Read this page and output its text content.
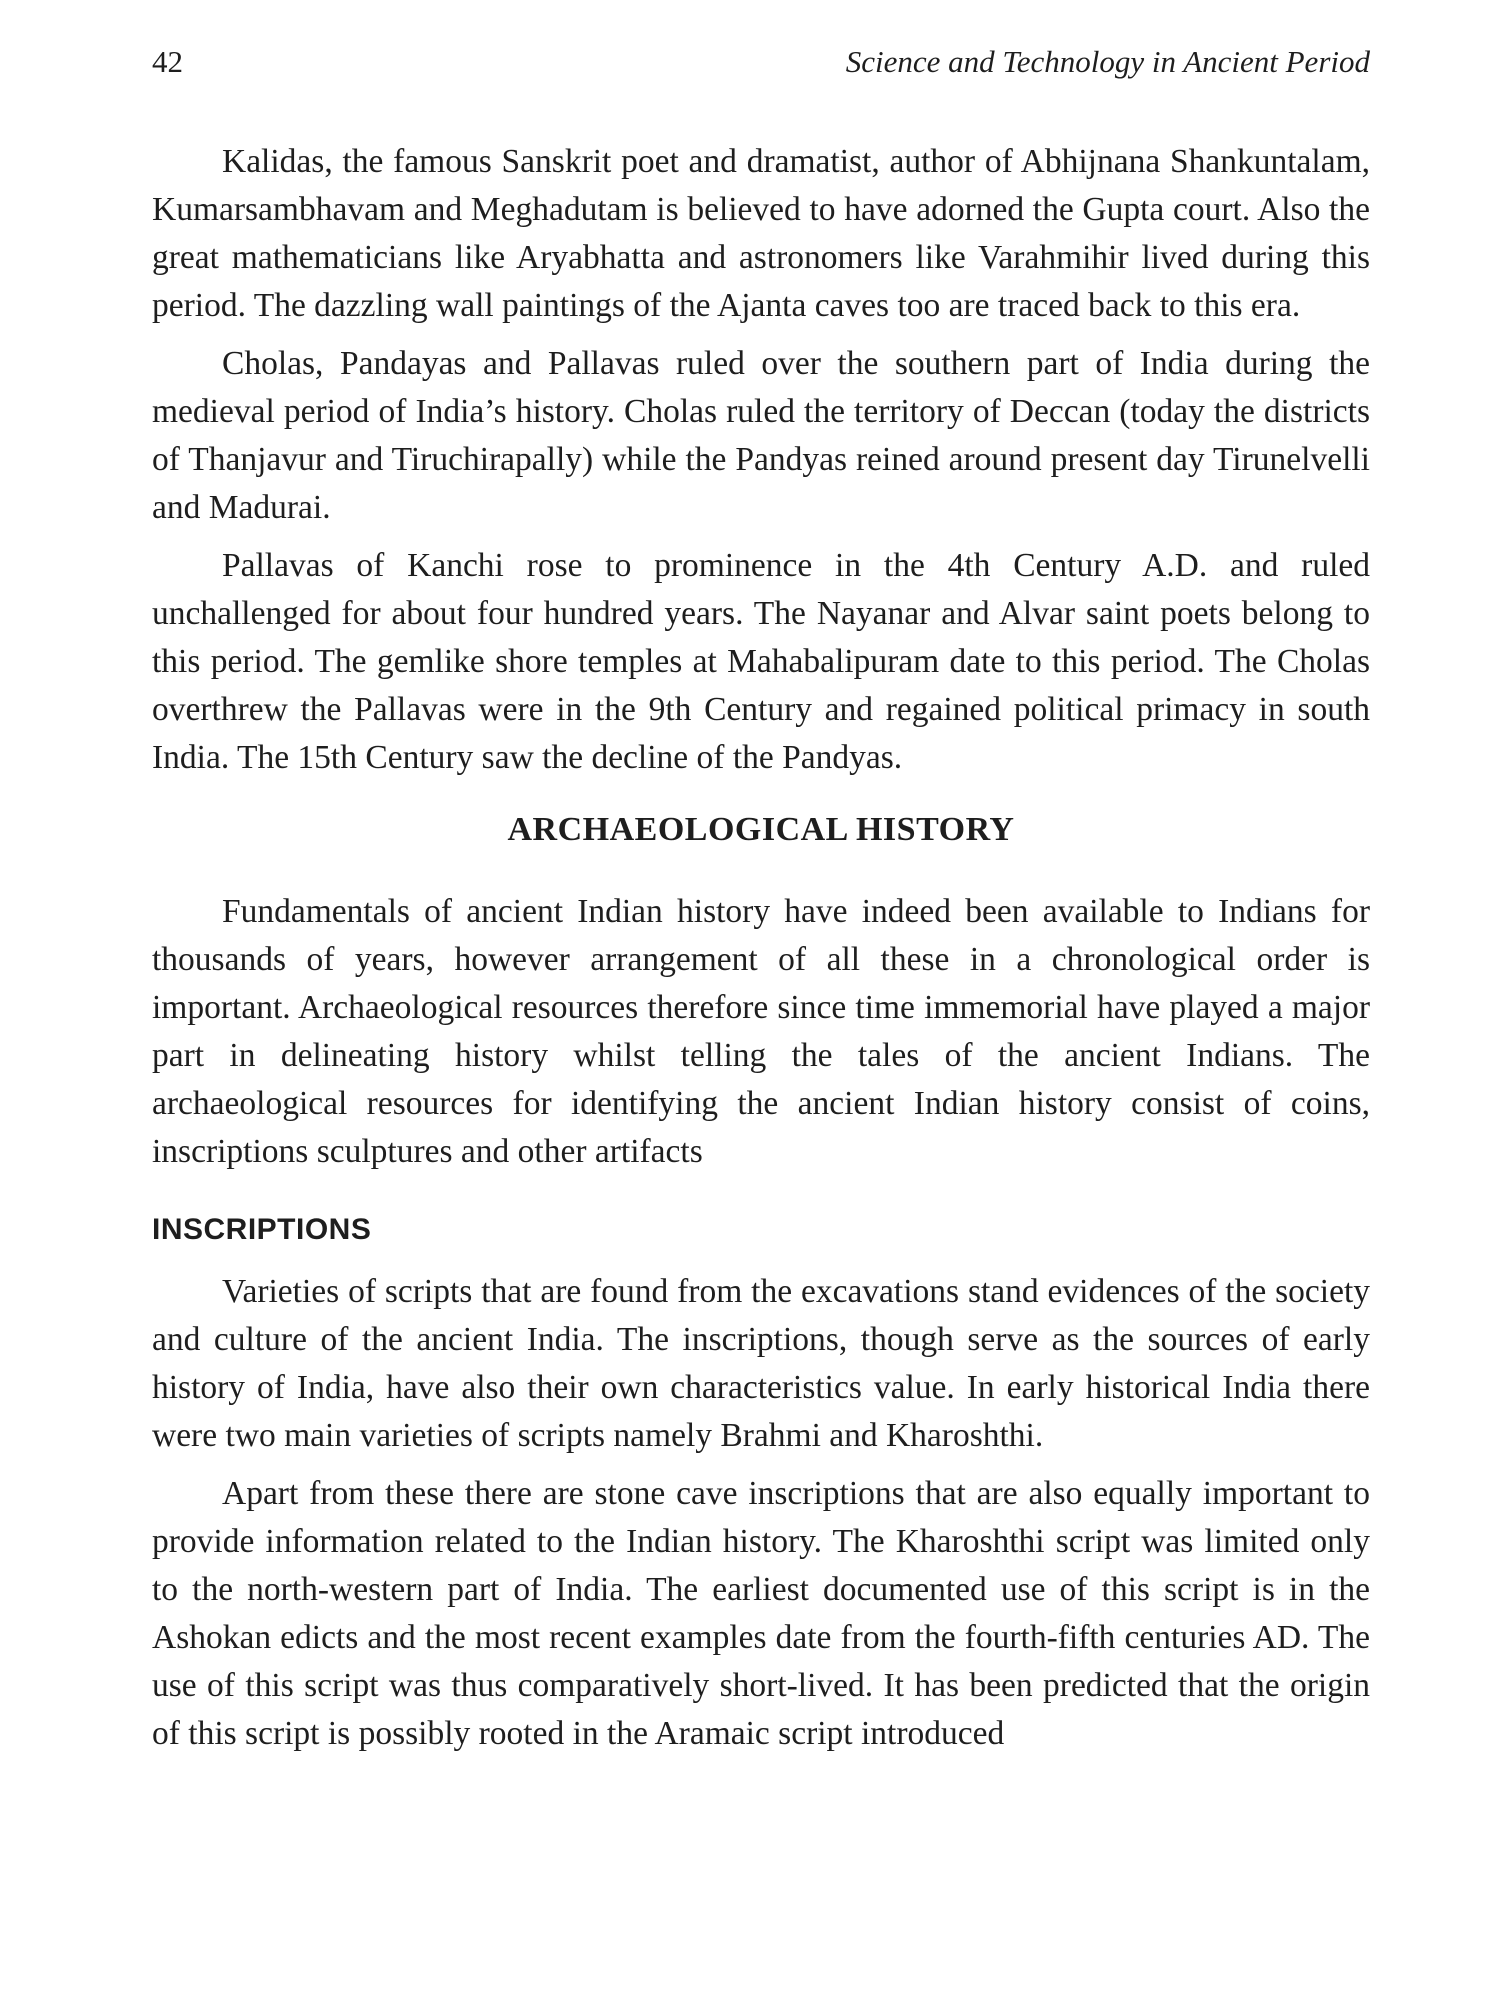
42	Science and Technology in Ancient Period

Kalidas, the famous Sanskrit poet and dramatist, author of Abhijnana Shankuntalam, Kumarsambhavam and Meghadutam is believed to have adorned the Gupta court. Also the great mathematicians like Aryabhatta and astronomers like Varahmihir lived during this period. The dazzling wall paintings of the Ajanta caves too are traced back to this era.

Cholas, Pandayas and Pallavas ruled over the southern part of India during the medieval period of India’s history. Cholas ruled the territory of Deccan (today the districts of Thanjavur and Tiruchirapally) while the Pandyas reined around present day Tirunelvelli and Madurai.

Pallavas of Kanchi rose to prominence in the 4th Century A.D. and ruled unchallenged for about four hundred years. The Nayanar and Alvar saint poets belong to this period. The gemlike shore temples at Mahabalipuram date to this period. The Cholas overthrew the Pallavas were in the 9th Century and regained political primacy in south India. The 15th Century saw the decline of the Pandyas.

ARCHAEOLOGICAL HISTORY

Fundamentals of ancient Indian history have indeed been available to Indians for thousands of years, however arrangement of all these in a chronological order is important. Archaeological resources therefore since time immemorial have played a major part in delineating history whilst telling the tales of the ancient Indians. The archaeological resources for identifying the ancient Indian history consist of coins, inscriptions sculptures and other artifacts

INSCRIPTIONS

Varieties of scripts that are found from the excavations stand evidences of the society and culture of the ancient India. The inscriptions, though serve as the sources of early history of India, have also their own characteristics value. In early historical India there were two main varieties of scripts namely Brahmi and Kharoshthi.

Apart from these there are stone cave inscriptions that are also equally important to provide information related to the Indian history. The Kharoshthi script was limited only to the north-western part of India. The earliest documented use of this script is in the Ashokan edicts and the most recent examples date from the fourth-fifth centuries AD. The use of this script was thus comparatively short-lived. It has been predicted that the origin of this script is possibly rooted in the Aramaic script introduced
